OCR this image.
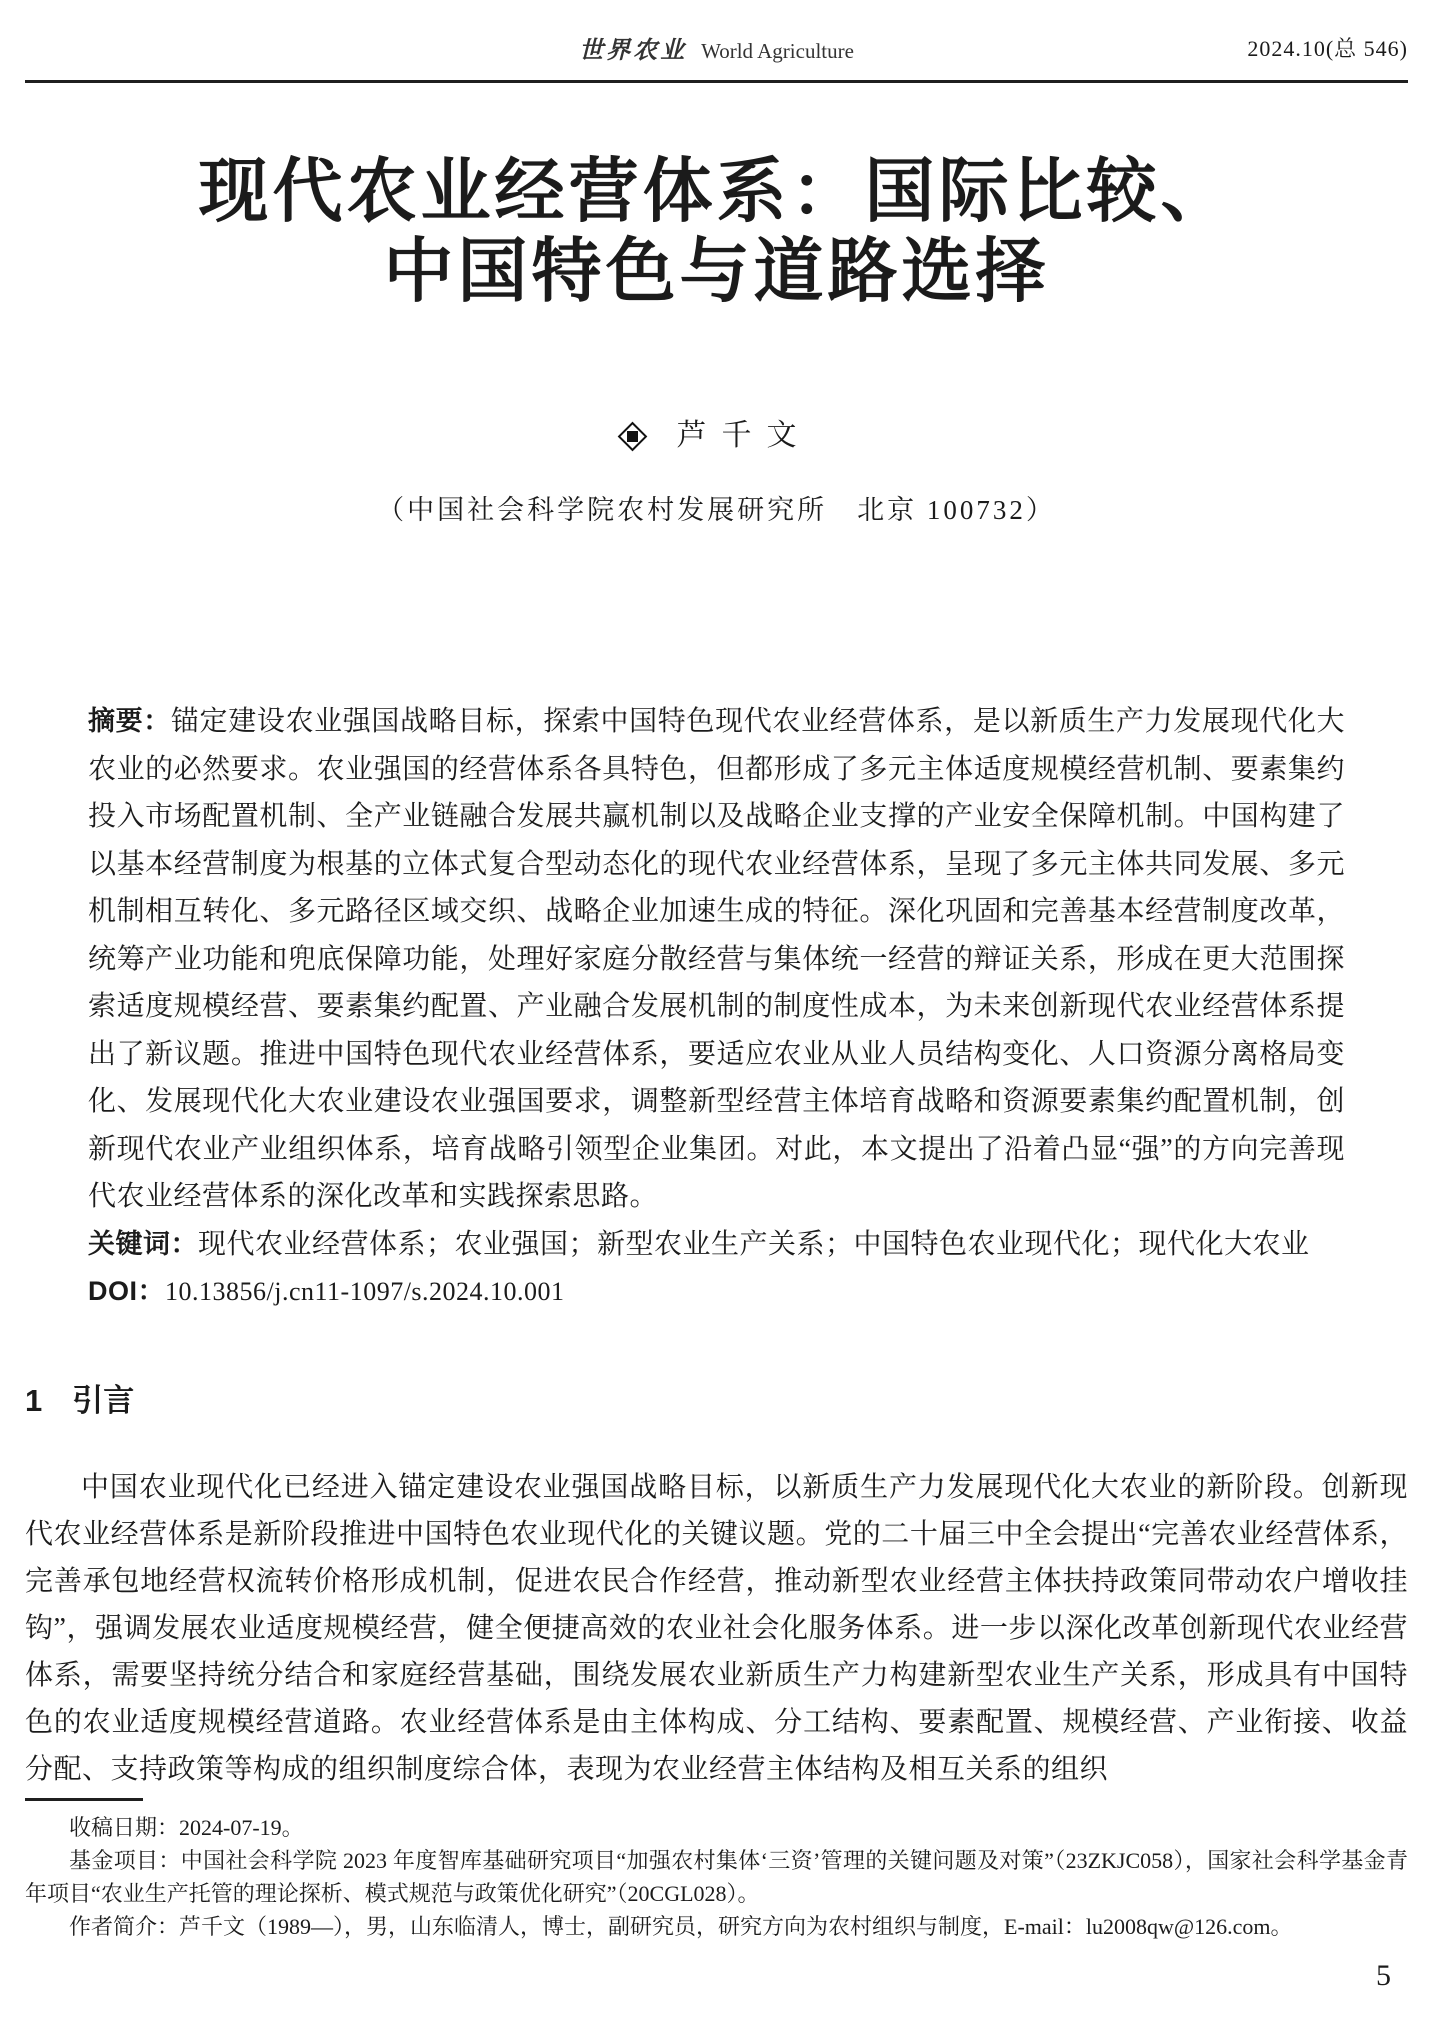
世界农业 World Agriculture	2024.10(总 546)
现代农业经营体系：国际比较、
中国特色与道路选择
芦千文
（中国社会科学院农村发展研究所　北京 100732）

摘要：锚定建设农业强国战略目标，探索中国特色现代农业经营体系，是以新质生产力发展现代化大农业的必然要求。农业强国的经营体系各具特色，但都形成了多元主体适度规模经营机制、要素集约投入市场配置机制、全产业链融合发展共赢机制以及战略企业支撑的产业安全保障机制。中国构建了以基本经营制度为根基的立体式复合型动态化的现代农业经营体系，呈现了多元主体共同发展、多元机制相互转化、多元路径区域交织、战略企业加速生成的特征。深化巩固和完善基本经营制度改革，统筹产业功能和兜底保障功能，处理好家庭分散经营与集体统一经营的辩证关系，形成在更大范围探索适度规模经营、要素集约配置、产业融合发展机制的制度性成本，为未来创新现代农业经营体系提出了新议题。推进中国特色现代农业经营体系，要适应农业从业人员结构变化、人口资源分离格局变化、发展现代化大农业建设农业强国要求，调整新型经营主体培育战略和资源要素集约配置机制，创新现代农业产业组织体系，培育战略引领型企业集团。对此，本文提出了沿着凸显“强”的方向完善现代农业经营体系的深化改革和实践探索思路。

关键词：现代农业经营体系；农业强国；新型农业生产关系；中国特色农业现代化；现代化大农业

DOI：10.13856/j.cn11-1097/s.2024.10.001

1 引言

中国农业现代化已经进入锚定建设农业强国战略目标，以新质生产力发展现代化大农业的新阶段。创新现代农业经营体系是新阶段推进中国特色农业现代化的关键议题。党的二十届三中全会提出“完善农业经营体系，完善承包地经营权流转价格形成机制，促进农民合作经营，推动新型农业经营主体扶持政策同带动农户增收挂钩”，强调发展农业适度规模经营，健全便捷高效的农业社会化服务体系。进一步以深化改革创新现代农业经营体系，需要坚持统分结合和家庭经营基础，围绕发展农业新质生产力构建新型农业生产关系，形成具有中国特色的农业适度规模经营道路。农业经营体系是由主体构成、分工结构、要素配置、规模经营、产业衔接、收益分配、支持政策等构成的组织制度综合体，表现为农业经营主体结构及相互关系的组织

收稿日期：2024-07-19。

基金项目：中国社会科学院 2023 年度智库基础研究项目“加强农村集体‘三资’管理的关键问题及对策”（23ZKJC058），国家社会科学基金青年项目“农业生产托管的理论探析、模式规范与政策优化研究”（20CGL028）。

作者简介：芦千文（1989—），男，山东临清人，博士，副研究员，研究方向为农村组织与制度，E-mail：lu2008qw@126.com。

5
